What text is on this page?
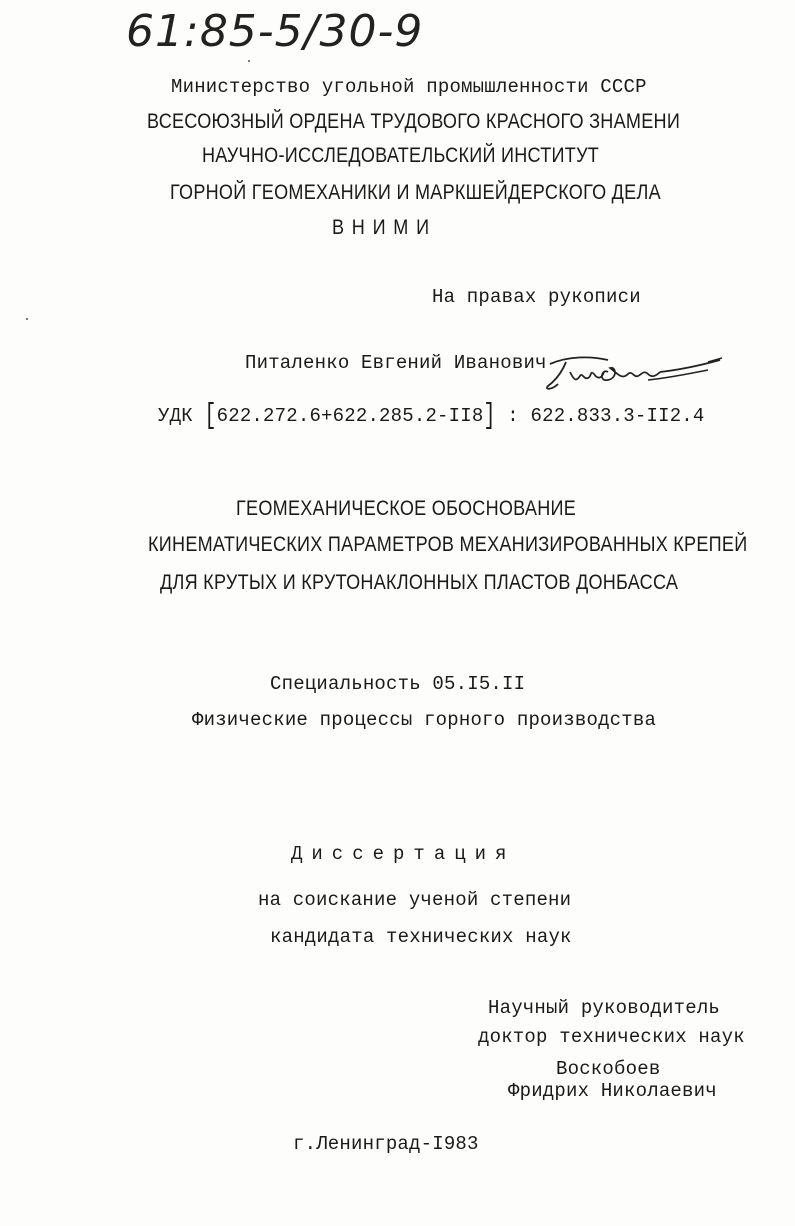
61:85-5/30-9
Министерство угольной промышленности СССР
ВСЕСОЮЗНЫЙ ОРДЕНА ТРУДОВОГО КРАСНОГО ЗНАМЕНИ
НАУЧНО-ИССЛЕДОВАТЕЛЬСКИЙ ИНСТИТУТ
ГОРНОЙ ГЕОМЕХАНИКИ И МАРКШЕЙДЕРСКОГО ДЕЛА
ВНИМИ
На правах рукописи
Питаленко Евгений Иванович
УДК [622.272.6+622.285.2-II8] : 622.833.3-II2.4
ГЕОМЕХАНИЧЕСКОЕ ОБОСНОВАНИЕ
КИНЕМАТИЧЕСКИХ ПАРАМЕТРОВ МЕХАНИЗИРОВАННЫХ КРЕПЕЙ
ДЛЯ КРУТЫХ И КРУТОНАКЛОННЫХ ПЛАСТОВ ДОНБАССА
Специальность 05.I5.II
Физические процессы горного производства
Диссертация
на соискание ученой степени
кандидата технических наук
Научный руководитель
доктор технических наук
Воскобоев
Фридрих Николаевич
г.Ленинград-I983
